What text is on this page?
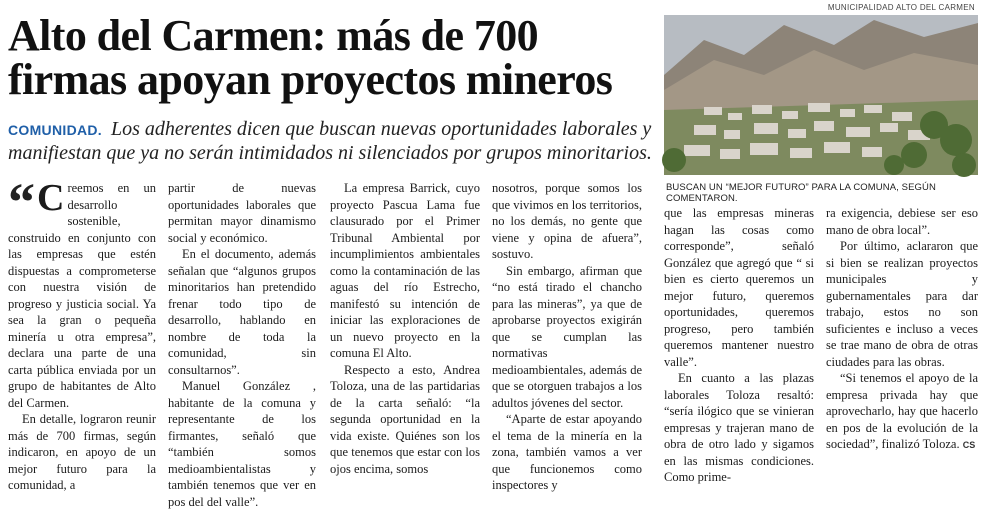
Alto del Carmen: más de 700 firmas apoyan proyectos mineros
COMUNIDAD. Los adherentes dicen que buscan nuevas oportunidades laborales y manifiestan que ya no serán intimidados ni silenciados por grupos minoritarios.
MUNICIPALIDAD ALTO DEL CARMEN
BUSCAN UN “MEJOR FUTURO” PARA LA COMUNA, SEGÚN COMENTARON.
“ C reemos en un desarrollo sostenible, construido en conjunto con las empresas que estén dispuestas a comprometerse con nuestra visión de progreso y justicia social. Ya sea la gran o pequeña minería u otra empresa”, declara una parte de una carta pública enviada por un grupo de habitantes de Alto del Carmen.

En detalle, lograron reunir más de 700 firmas, según indicaron, en apoyo de un mejor futuro para la comunidad, a

partir de nuevas oportunidades laborales que permitan mayor dinamismo social y económico.

En el documento, además señalan que “algunos grupos minoritarios han pretendido frenar todo tipo de desarrollo, hablando en nombre de toda la comunidad, sin consultarnos”.

Manuel González , habitante de la comuna y representante de los firmantes, señaló que “también somos medioambientalistas y también tenemos que ver en pos del del valle”.

La empresa Barrick, cuyo proyecto Pascua Lama fue clausurado por el Primer Tribunal Ambiental por incumplimientos ambientales como la contaminación de las aguas del río Estrecho, manifestó su intención de iniciar las exploraciones de un nuevo proyecto en la comuna El Alto.

Respecto a esto, Andrea Toloza, una de las partidarias de la carta señaló: “la segunda oportunidad en la vida existe. Quiénes son los que tenemos que estar con los ojos encima, somos

nosotros, porque somos los que vivimos en los territorios, no los demás, no gente que viene y opina de afuera”, sostuvo.

Sin embargo, afirman que “no está tirado el chancho para las mineras”, ya que de aprobarse proyectos exigirán que se cumplan las normativas medioambientales, además de que se otorguen trabajos a los adultos jóvenes del sector.

“Aparte de estar apoyando el tema de la minería en la zona, también vamos a ver que funcionemos como inspectores y

que las empresas mineras hagan las cosas como corresponde”, señaló González que agregó que “ si bien es cierto queremos un mejor futuro, queremos oportunidades, queremos progreso, pero también queremos mantener nuestro valle”.

En cuanto a las plazas laborales Toloza resaltó: “sería ilógico que se vinieran empresas y trajeran mano de obra de otro lado y sigamos en las mismas condiciones. Como prime-

ra exigencia, debiese ser eso mano de obra local”.

Por último, aclararon que si bien se realizan proyectos municipales y gubernamentales para dar trabajo, estos no son suficientes e incluso a veces se trae mano de obra de otras ciudades para las obras.

“Si tenemos el apoyo de la empresa privada hay que aprovecharlo, hay que hacerlo en pos de la evolución de la sociedad”, finalizó Toloza. CS
